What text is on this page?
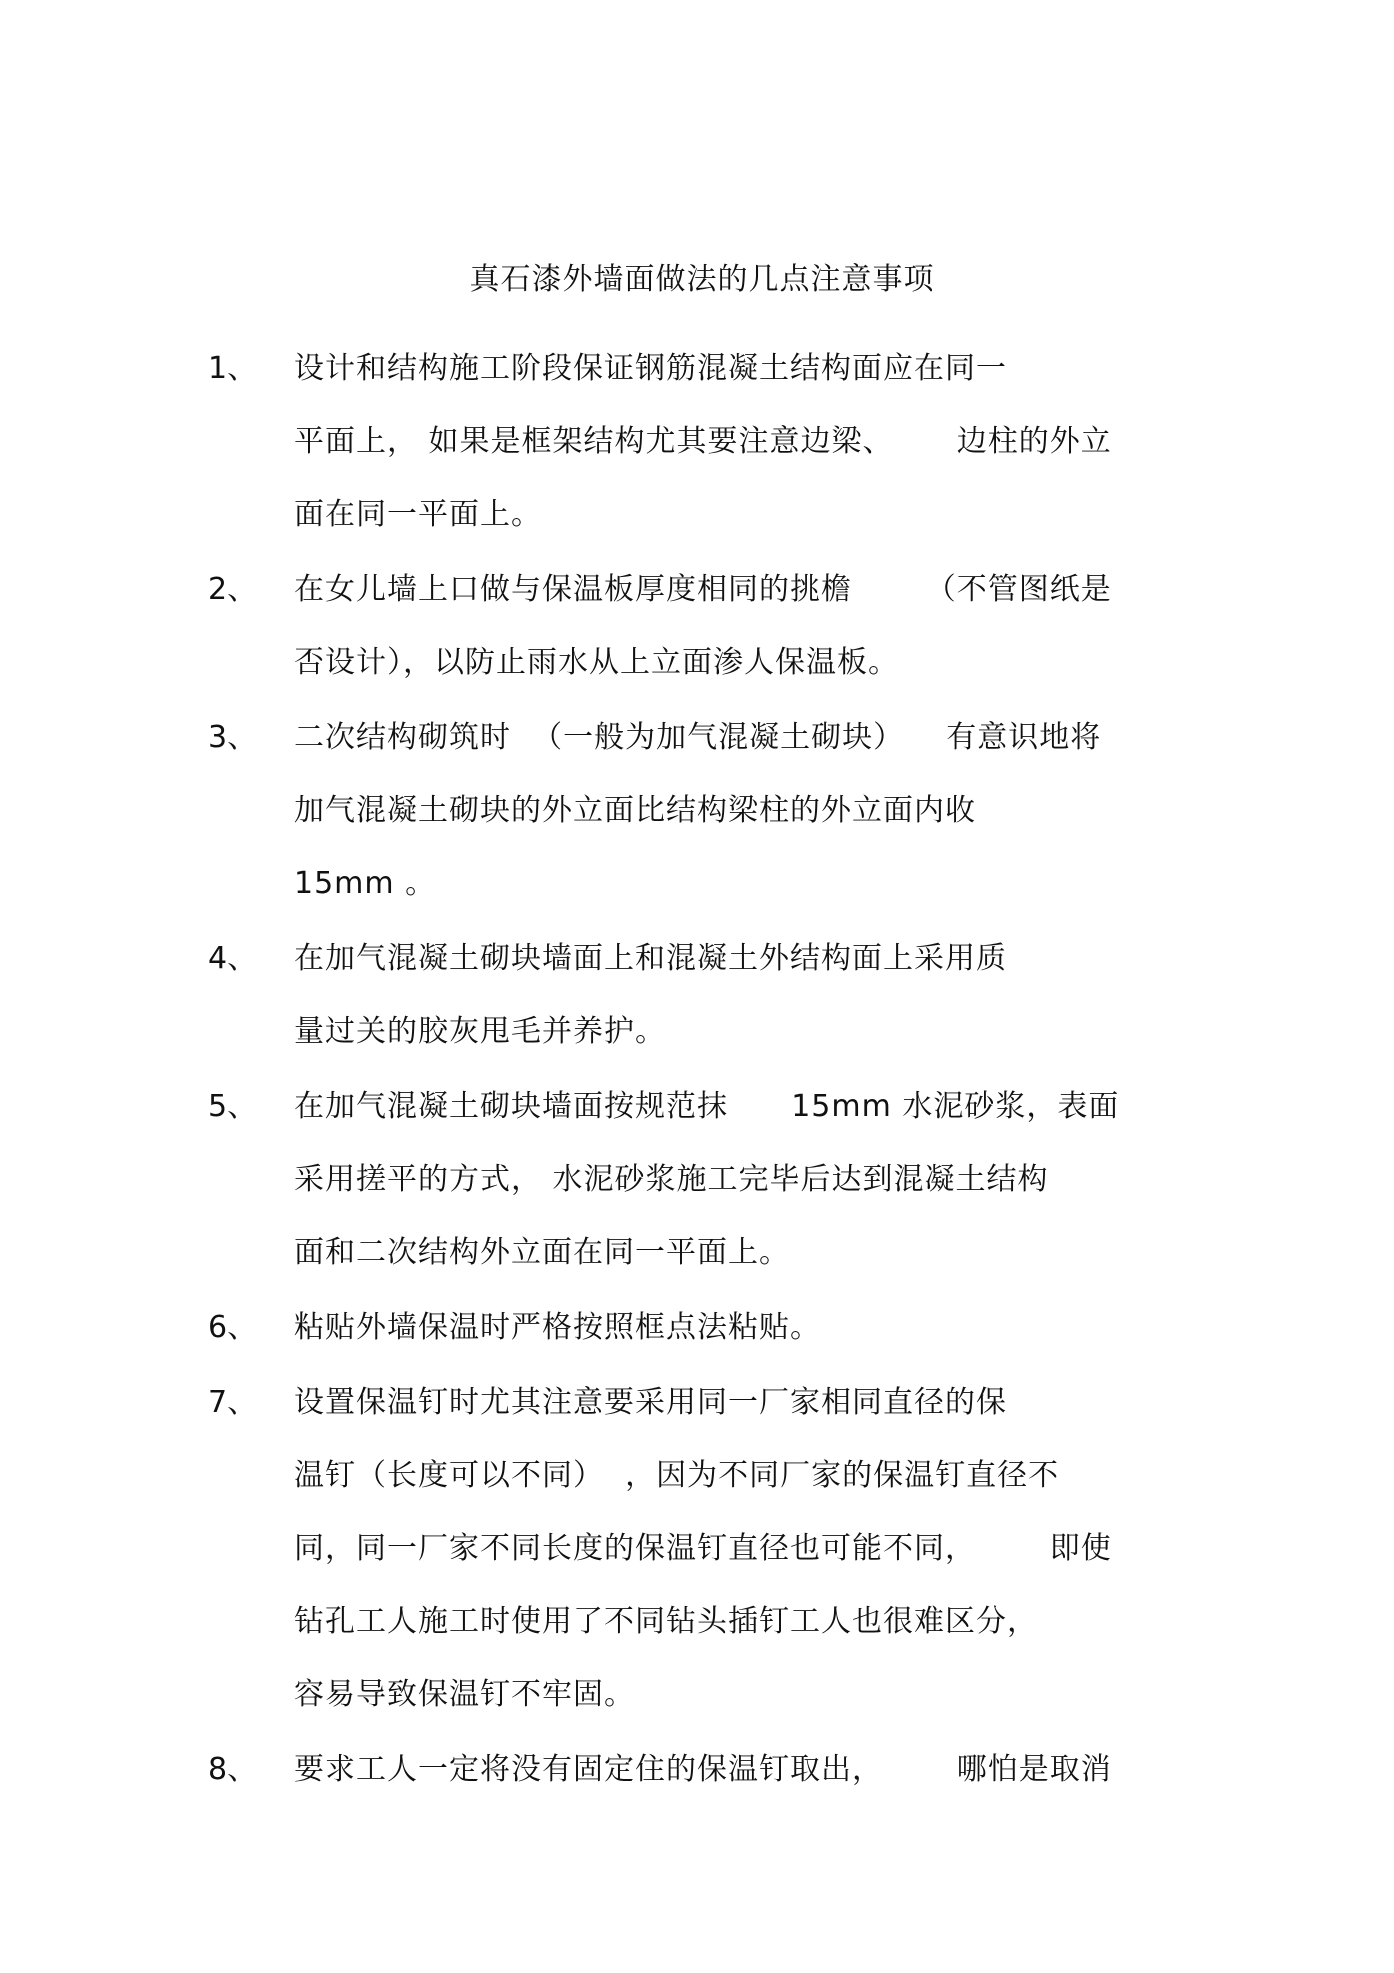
真石漆外墙面做法的几点注意事项
1、	设计和结构施工阶段保证钢筋混凝土结构面应在同一
平面上， 如果是框架结构尤其要注意边梁、      边柱的外立
面在同一平面上。
2、	在女儿墙上口做与保温板厚度相同的挑檐       （不管图纸是
否设计），以防止雨水从上立面渗人保温板。
3、	二次结构砌筑时  （一般为加气混凝土砌块）    有意识地将
加气混凝土砌块的外立面比结构梁柱的外立面内收
15mm 。
4、	在加气混凝土砌块墙面上和混凝土外结构面上采用质
量过关的胶灰甩毛并养护。
5、	在加气混凝土砌块墙面按规范抹      15mm 水泥砂浆，表面
采用搓平的方式， 水泥砂浆施工完毕后达到混凝土结构
面和二次结构外立面在同一平面上。
6、	粘贴外墙保温时严格按照框点法粘贴。
7、	设置保温钉时尤其注意要采用同一厂家相同直径的保
温钉（长度可以不同）  ，因为不同厂家的保温钉直径不
同，同一厂家不同长度的保温钉直径也可能不同，       即使
钻孔工人施工时使用了不同钻头插钉工人也很难区分，
容易导致保温钉不牢固。
8、	要求工人一定将没有固定住的保温钉取出，       哪怕是取消
